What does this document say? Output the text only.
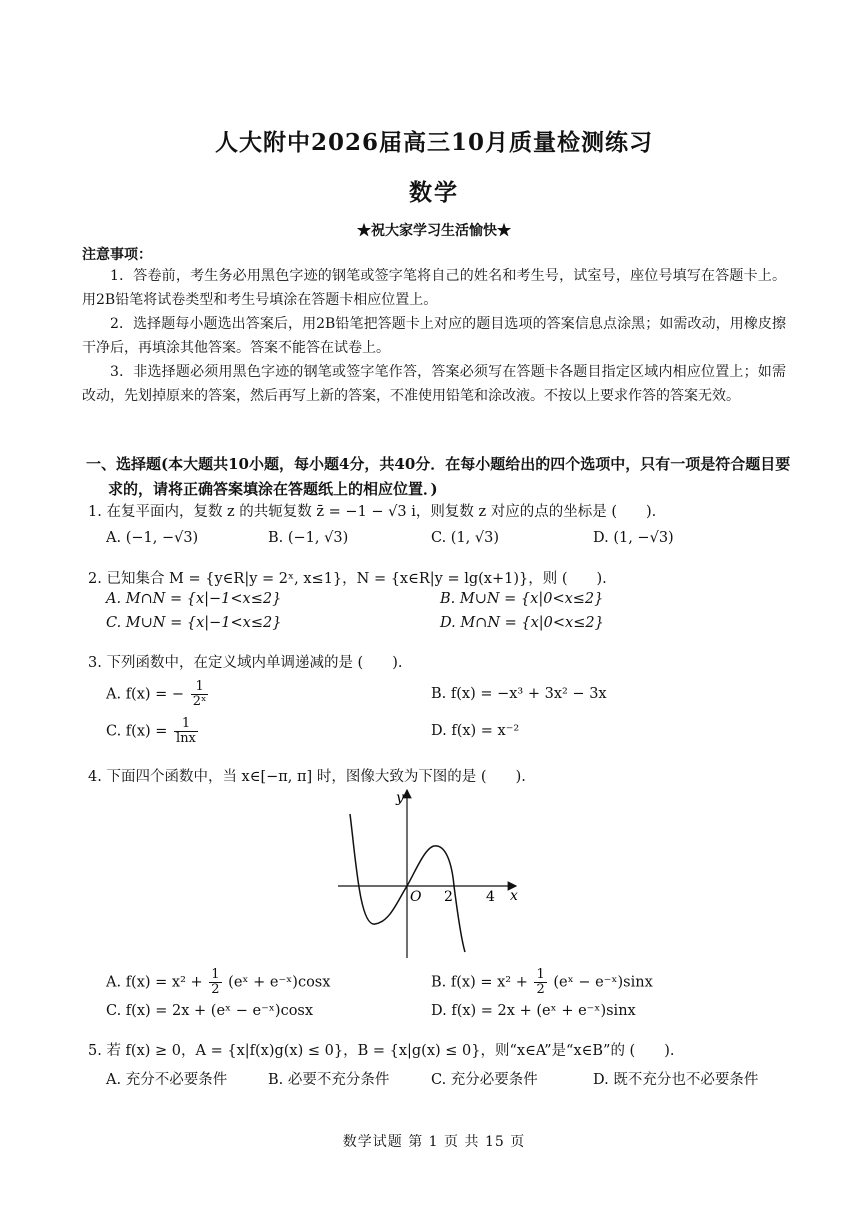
人大附中2026届高三10月质量检测练习
数学
★祝大家学习生活愉快★
注意事项：
1．答卷前，考生务必用黑色字迹的钢笔或签字笔将自己的姓名和考生号，试室号，座位号填写在答题卡上。用2B铅笔将试卷类型和考生号填涂在答题卡相应位置上。
2．选择题每小题选出答案后，用2B铅笔把答题卡上对应的题目选项的答案信息点涂黑；如需改动，用橡皮擦干净后，再填涂其他答案。答案不能答在试卷上。
3．非选择题必须用黑色字迹的钢笔或签字笔作答，答案必须写在答题卡各题目指定区域内相应位置上；如需改动，先划掉原来的答案，然后再写上新的答案，不准使用铅笔和涂改液。不按以上要求作答的答案无效。
一、选择题(本大题共10小题，每小题4分，共40分．在每小题给出的四个选项中，只有一项是符合题目要
求的，请将正确答案填涂在答题纸上的相应位置．)
1. 在复平面内，复数 z 的共轭复数 z̄ = −1 − √3 i，则复数 z 对应的点的坐标是 (　　).
A. (−1, −√3)	B. (−1, √3)	C. (1, √3)	D. (1, −√3)
2. 已知集合 M = {y∈R|y = 2ˣ, x≤1}，N = {x∈R|y = lg(x+1)}，则 (　　).
A. M∩N = {x|−1<x≤2}	B. M∪N = {x|0<x≤2}
C. M∪N = {x|−1<x≤2}	D. M∩N = {x|0<x≤2}
3. 下列函数中，在定义域内单调递减的是 (　　).
A. f(x) = − $\frac{1}{\text{2ˣ}}$	B. f(x) = −x³ + 3x² − 3x
C. $f(x) = \frac{1}{\ln x}$	D. f(x) = x⁻²
4. 下面四个函数中，当 x∈[−π, π] 时，图像大致为下图的是 (　　).
y
x
O 2 4
A. $f(x) = x^2 + \frac{1}{2}$ (eˣ + e⁻ˣ)cosx	B. $f(x) = x^2 + \frac{1}{2}$ (eˣ − e⁻ˣ)sinx
C. f(x) = 2x + (eˣ − e⁻ˣ)cosx	D. f(x) = 2x + (eˣ + e⁻ˣ)sinx
5. 若 f(x) ≥ 0，A = {x|f(x)g(x) ≤ 0}，B = {x|g(x) ≤ 0}，则“x∈A”是“x∈B”的 (　　).
A. 充分不必要条件	B. 必要不充分条件	C. 充分必要条件	D. 既不充分也不必要条件
数学试题 第 1 页 共 15 页
